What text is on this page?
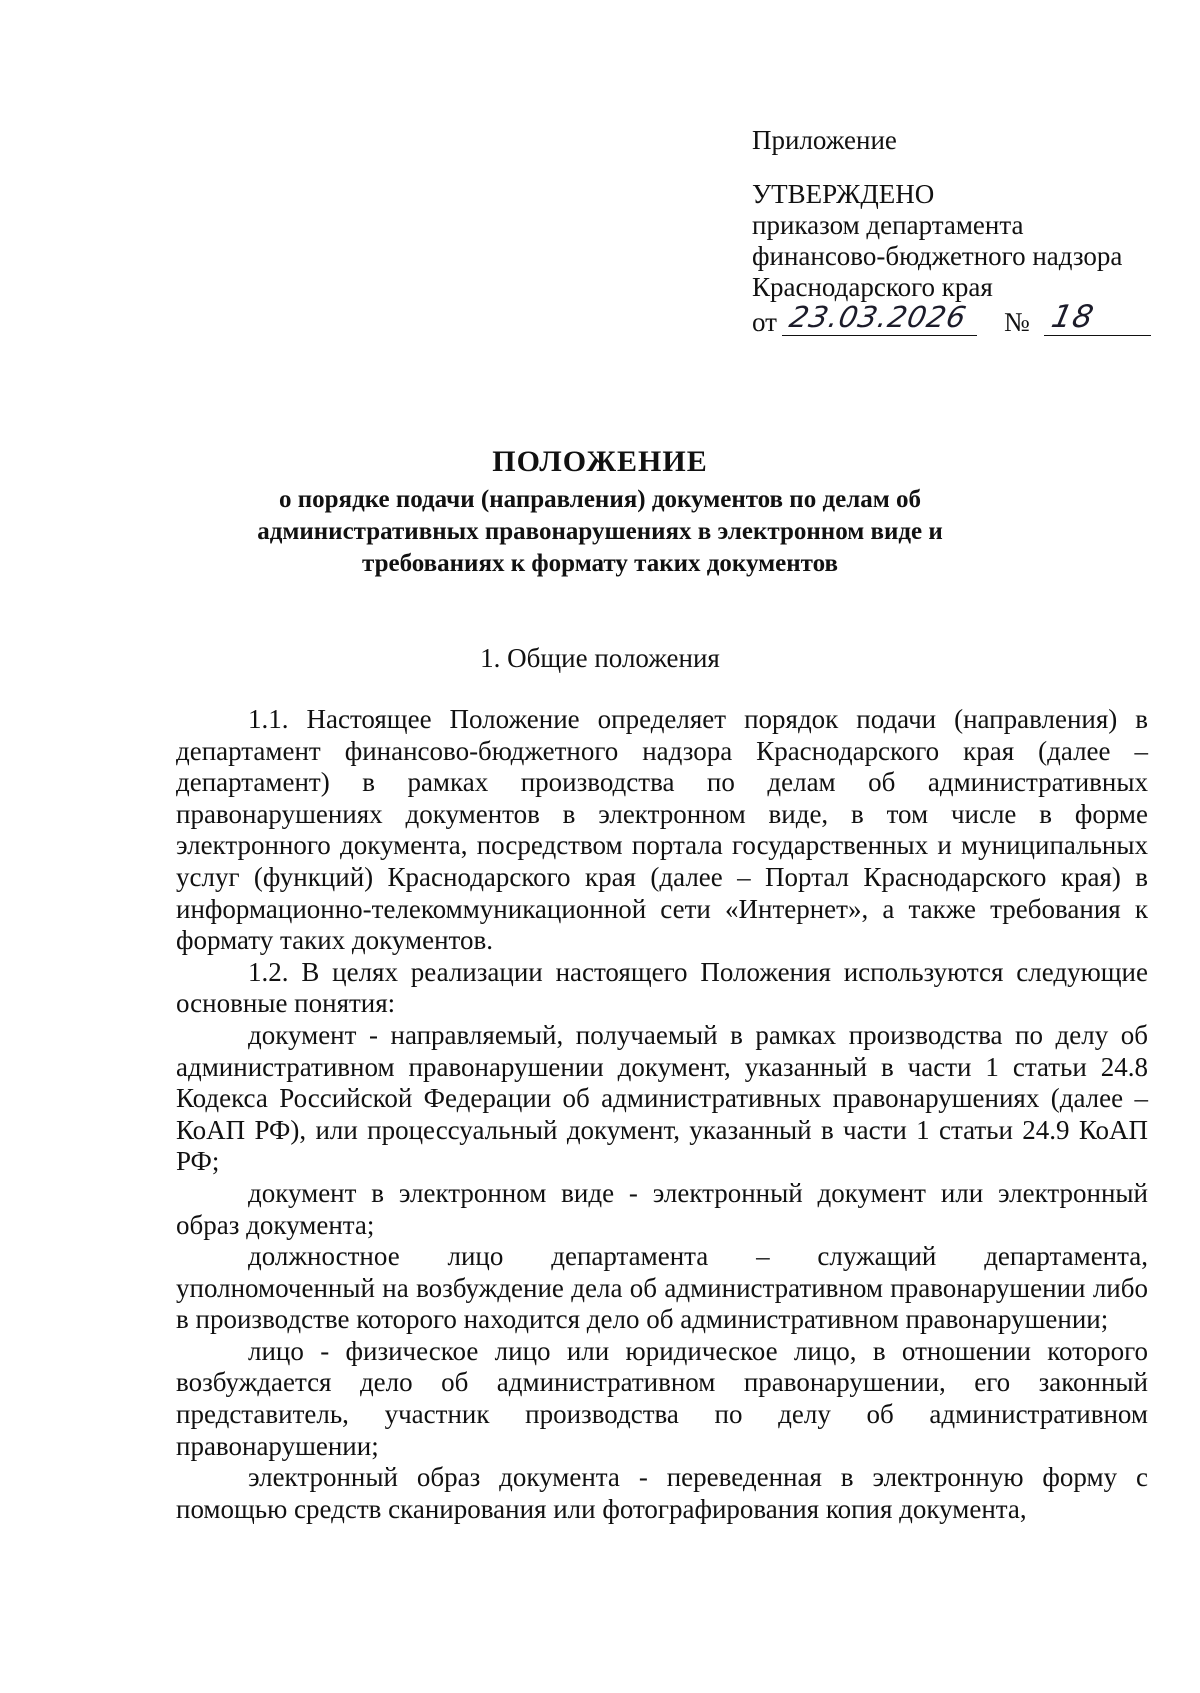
Приложение
УТВЕРЖДЕНО
приказом департамента
финансово-бюджетного надзора
Краснодарского края
от 23.03.2026 № 18
ПОЛОЖЕНИЕ
о порядке подачи (направления) документов по делам об
административных правонарушениях в электронном виде и
требованиях к формату таких документов
1. Общие положения

1.1. Настоящее Положение определяет порядок подачи (направления) в департамент финансово-бюджетного надзора Краснодарского края (далее – департамент) в рамках производства по делам об административных правонарушениях документов в электронном виде, в том числе в форме электронного документа, посредством портала государственных и муниципальных услуг (функций) Краснодарского края (далее – Портал Краснодарского края) в информационно-телекоммуникационной сети «Интернет», а также требования к формату таких документов.

1.2. В целях реализации настоящего Положения используются следующие основные понятия:

документ - направляемый, получаемый в рамках производства по делу об административном правонарушении документ, указанный в части 1 статьи 24.8 Кодекса Российской Федерации об административных правонарушениях (далее – КоАП РФ), или процессуальный документ, указанный в части 1 статьи 24.9 КоАП РФ;

документ в электронном виде - электронный документ или электронный образ документа;

должностное лицо департамента – служащий департамента, уполномоченный на возбуждение дела об административном правонарушении либо в производстве которого находится дело об административном правонарушении;

лицо - физическое лицо или юридическое лицо, в отношении которого возбуждается дело об административном правонарушении, его законный представитель, участник производства по делу об административном правонарушении;

электронный образ документа - переведенная в электронную форму с помощью средств сканирования или фотографирования копия документа,
